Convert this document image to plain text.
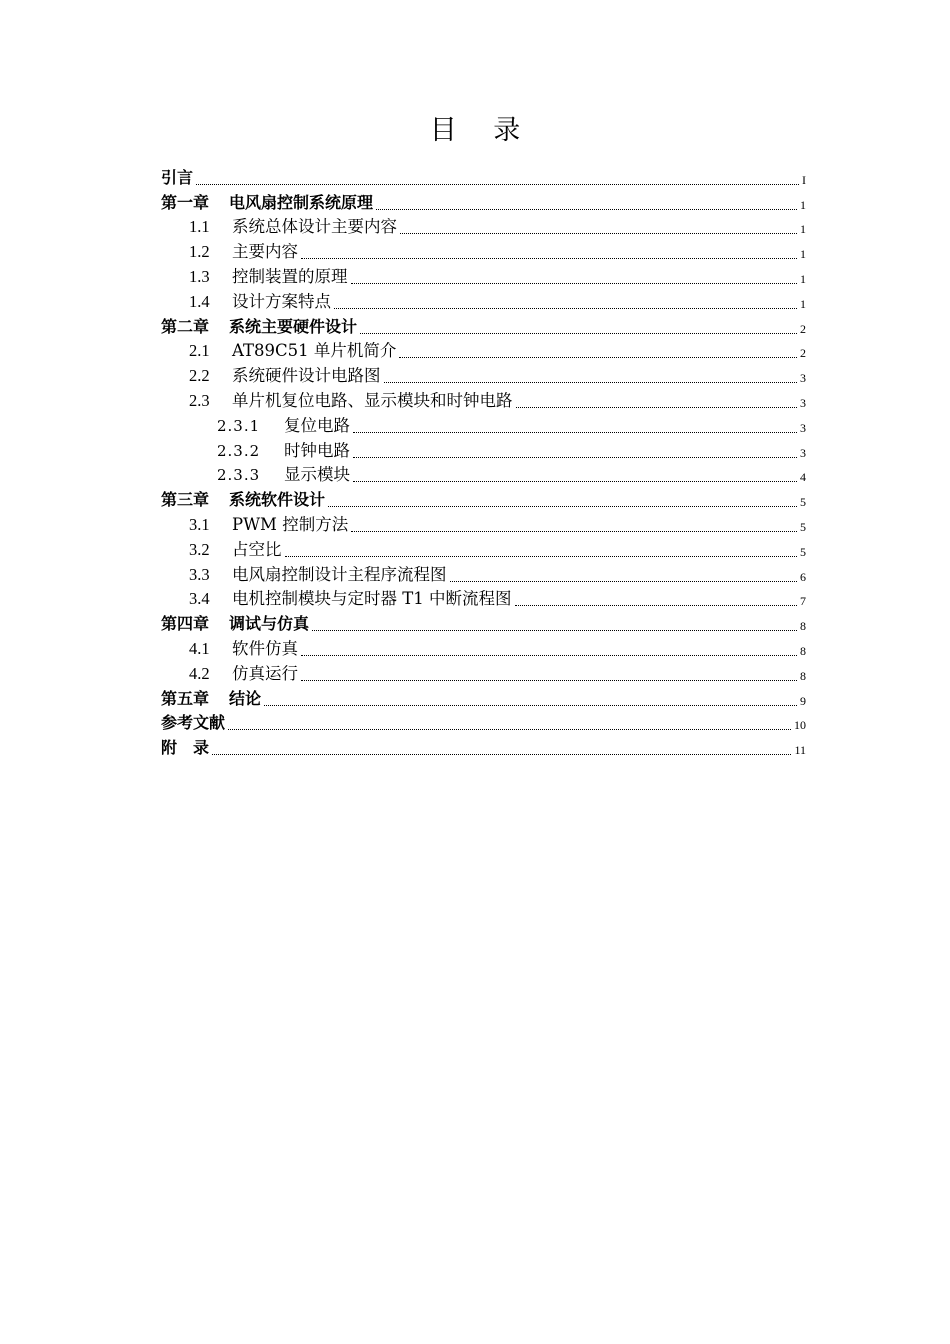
目 录
引言	I
第一章 电风扇控制系统原理	1
1.1 系统总体设计主要内容	1
1.2 主要内容	1
1.3 控制装置的原理	1
1.4 设计方案特点	1
第二章 系统主要硬件设计	2
2.1 AT89C51 单片机简介	2
2.2 系统硬件设计电路图	3
2.3 单片机复位电路、显示模块和时钟电路	3
2.3.1 复位电路	3
2.3.2 时钟电路	3
2.3.3 显示模块	4
第三章 系统软件设计	5
3.1 PWM 控制方法	5
3.2 占空比	5
3.3 电风扇控制设计主程序流程图	6
3.4 电机控制模块与定时器 T1 中断流程图	7
第四章 调试与仿真	8
4.1 软件仿真	8
4.2 仿真运行	8
第五章 结论	9
参考文献	10
附　录	11
